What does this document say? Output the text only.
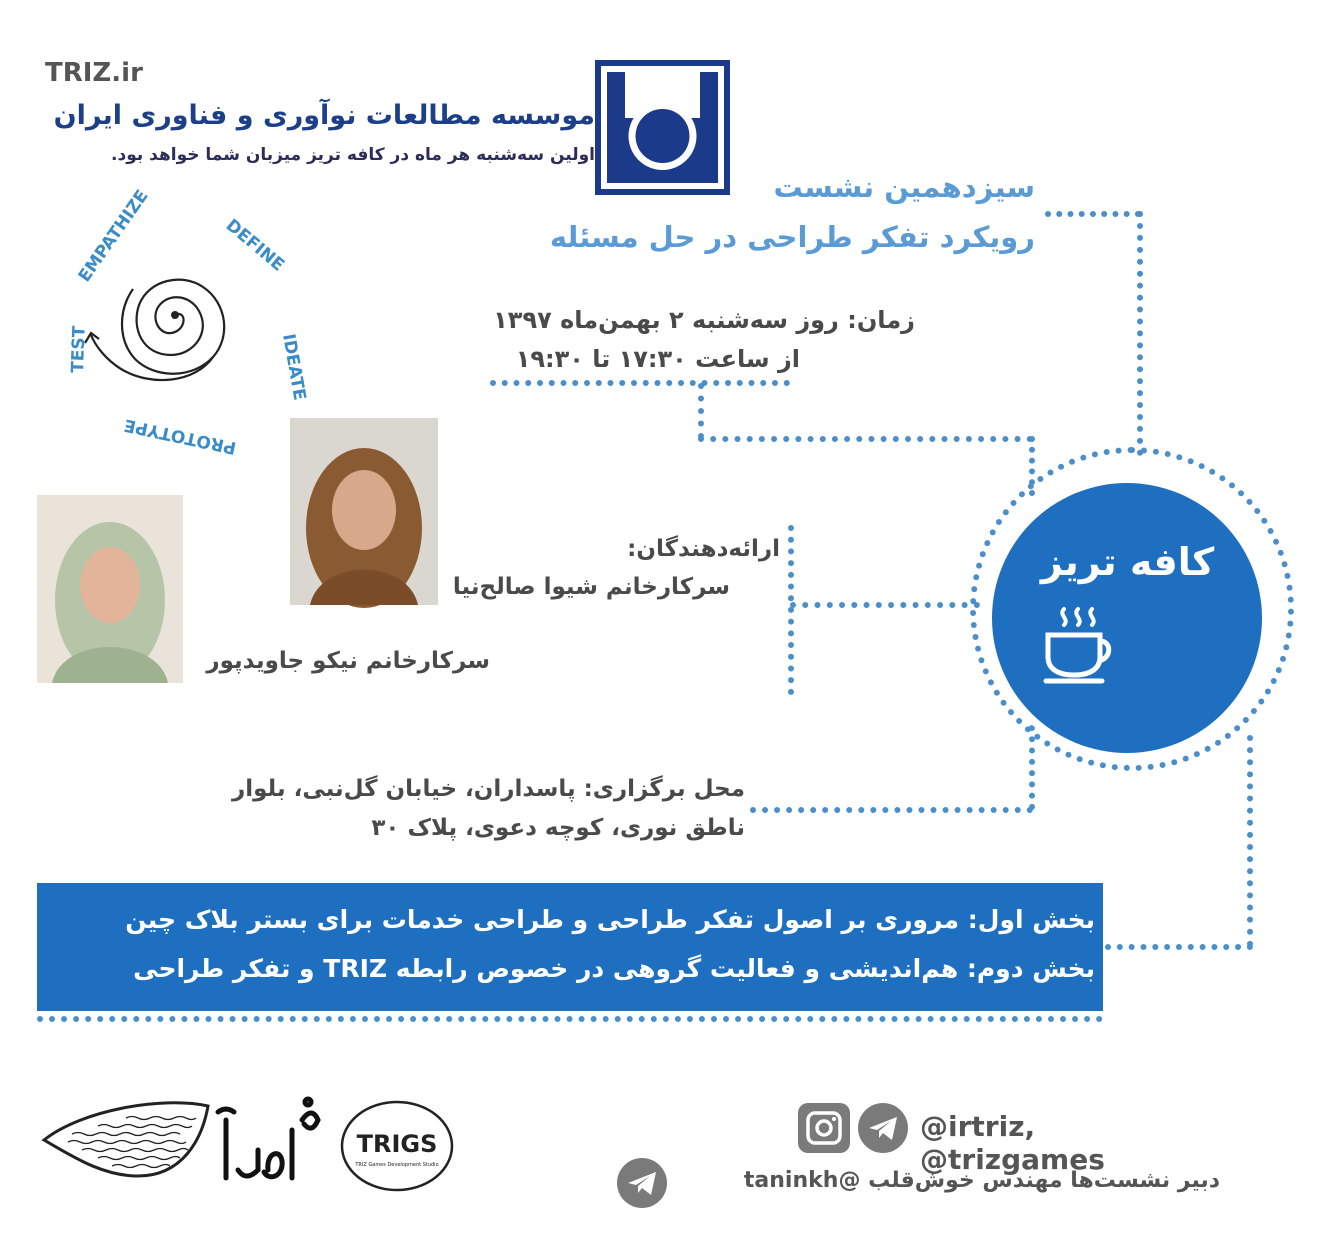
TRIZ.ir
موسسه مطالعات نوآوری و فناوری ایران
اولین سه‌شنبه هر ماه در کافه تریز میزبان شما خواهد بود.
سیزدهمین نشست
رویکرد تفکر طراحی در حل مسئله
زمان: روز سه‌شنبه ۲ بهمن‌ماه ۱۳۹۷
از ساعت ۱۷:۳۰ تا ۱۹:۳۰
EMPATHIZE	DEFINE
IDEATE
PROTOTYPE
TEST
ارائه‌دهندگان:
سرکارخانم شیوا صالح‌نیا
سرکارخانم نیکو جاویدپور
محل برگزاری: پاسداران، خیابان گل‌نبی، بلوار
ناطق نوری، کوچه دعوی، پلاک ۳۰
کافه تریز
بخش اول: مروری بر اصول تفکر طراحی و طراحی خدمات برای بستر بلاک چین
بخش دوم: هم‌اندیشی و فعالیت گروهی در خصوص رابطه TRIZ و تفکر طراحی
TRIGS
TRIZ Games Development Studio
@irtriz, @trizgames
دبیر نشست‌ها مهندس خوش‌قلب @taninkh
